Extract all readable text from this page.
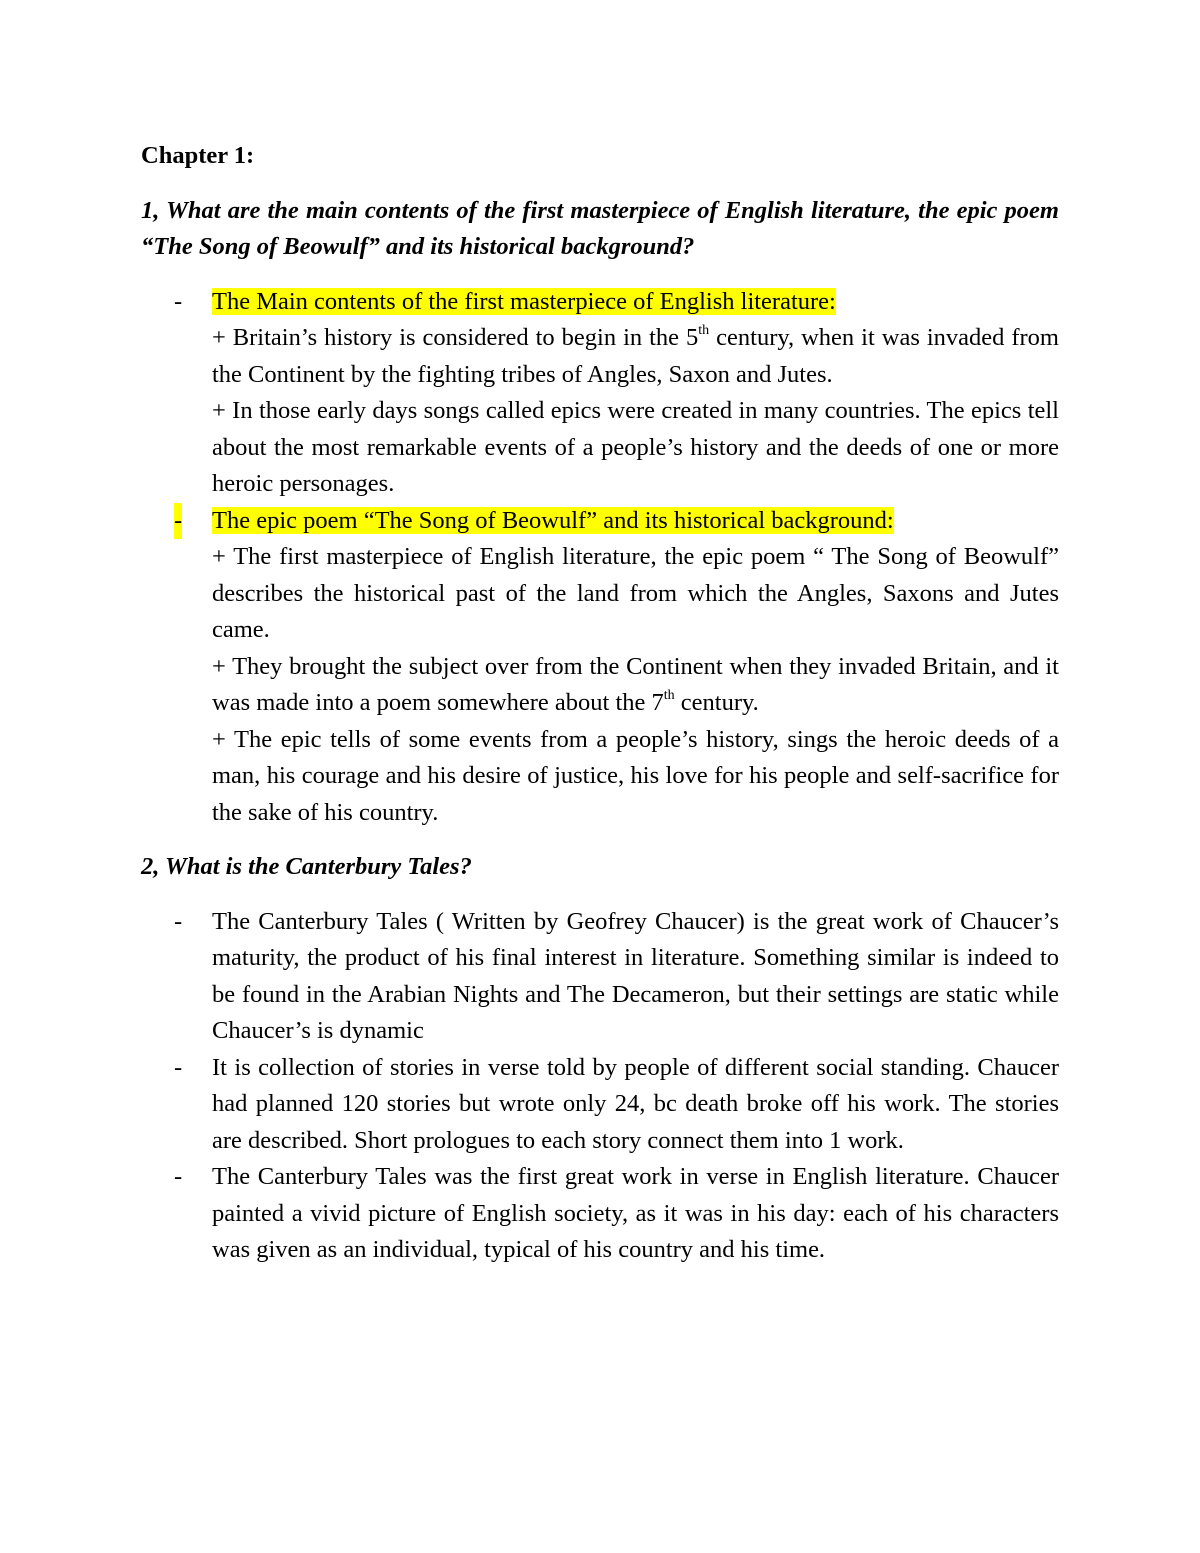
Chapter 1:
1, What are the main contents of the first masterpiece of English literature, the epic poem “The Song of Beowulf” and its historical background?
- The Main contents of the first masterpiece of English literature:
+ Britain’s history is considered to begin in the 5th century, when it was invaded from the Continent by the fighting tribes of Angles, Saxon and Jutes.
+ In those early days songs called epics were created in many countries. The epics tell about the most remarkable events of a people’s history and the deeds of one or more heroic personages.
- The epic poem “The Song of Beowulf” and its historical background:
+ The first masterpiece of English literature, the epic poem “ The Song of Beowulf” describes the historical past of the land from which the Angles, Saxons and Jutes came.
+ They brought the subject over from the Continent when they invaded Britain, and it was made into a poem somewhere about the 7th century.
+ The epic tells of some events from a people’s history, sings the heroic deeds of a man, his courage and his desire of justice, his love for his people and self-sacrifice for the sake of his country.
2, What is the Canterbury Tales?
- The Canterbury Tales ( Written by Geofrey Chaucer) is the great work of Chaucer’s maturity, the product of his final interest in literature. Something similar is indeed to be found in the Arabian Nights and The Decameron, but their settings are static while Chaucer’s is dynamic
- It is collection of stories in verse told by people of different social standing. Chaucer had planned 120 stories but wrote only 24, bc death broke off his work. The stories are described. Short prologues to each story connect them into 1 work.
- The Canterbury Tales was the first great work in verse in English literature. Chaucer painted a vivid picture of English society, as it was in his day: each of his characters was given as an individual, typical of his country and his time.
